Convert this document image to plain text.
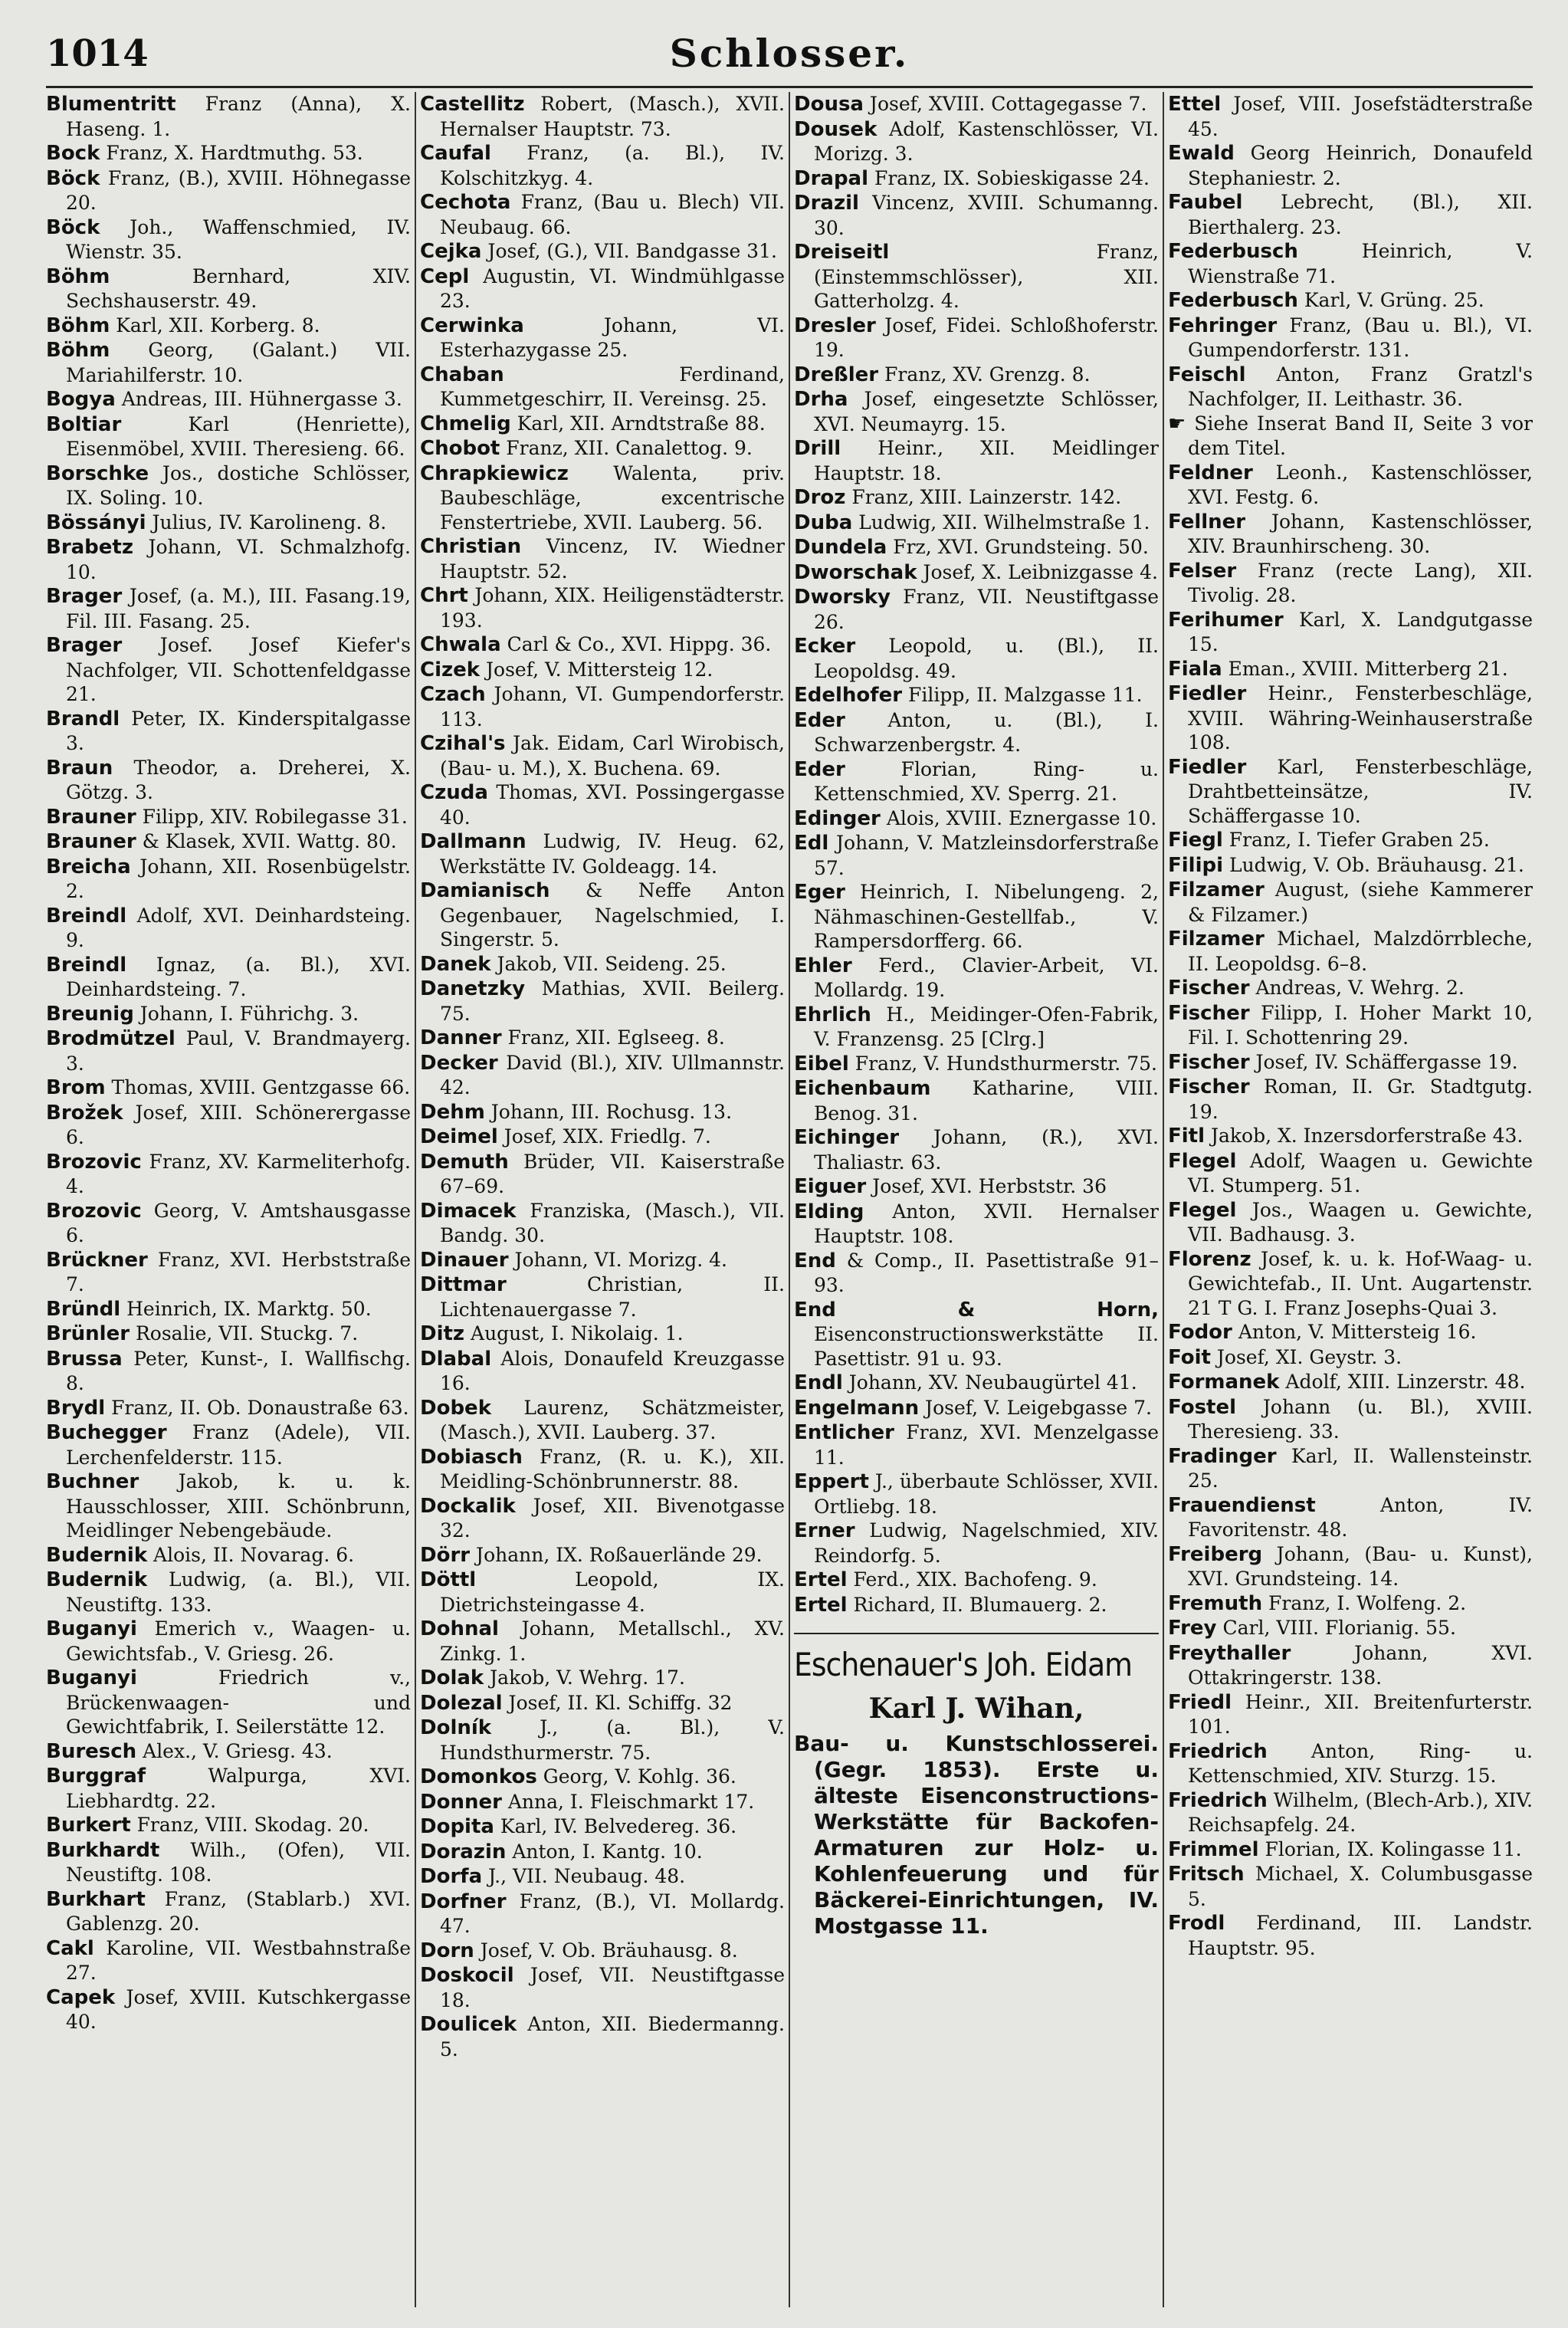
1014	Schlosser.
Blumentritt Franz (Anna), X. Haseng. 1.
Bock Franz, X. Hardtmuthg. 53.
Böck Franz, (B.), XVIII. Höhnegasse 20.
Böck Joh., Waffenschmied, IV. Wienstr. 35.
Böhm Bernhard, XIV. Sechshauserstr. 49.
Böhm Karl, XII. Korberg. 8.
Böhm Georg, (Galant.) VII. Mariahilferstr. 10.
Bogya Andreas, III. Hühnergasse 3.
Boltiar Karl (Henriette), Eisenmöbel, XVIII. Theresieng. 66.
Borschke Jos., dostiche Schlösser, IX. Soling. 10.
Bössányi Julius, IV. Karolineng. 8.
Brabetz Johann, VI. Schmalzhofg. 10.
Brager Josef, (a. M.), III. Fasang.19, Fil. III. Fasang. 25.
Brager Josef. Josef Kiefer's Nachfolger, VII. Schottenfeldgasse 21.
Brandl Peter, IX. Kinderspitalgasse 3.
Braun Theodor, a. Dreherei, X. Götzg. 3.
Brauner Filipp, XIV. Robilegasse 31.
Brauner & Klasek, XVII. Wattg. 80.
Breicha Johann, XII. Rosenbügelstr. 2.
Breindl Adolf, XVI. Deinhardsteing. 9.
Breindl Ignaz, (a. Bl.), XVI. Deinhardsteing. 7.
Breunig Johann, I. Führichg. 3.
Brodmützel Paul, V. Brandmayerg. 3.
Brom Thomas, XVIII. Gentzgasse 66.
Brožek Josef, XIII. Schönerergasse 6.
Brozovic Franz, XV. Karmeliterhofg. 4.
Brozovic Georg, V. Amtshausgasse 6.
Brückner Franz, XVI. Herbststraße 7.
Bründl Heinrich, IX. Marktg. 50.
Brünler Rosalie, VII. Stuckg. 7.
Brussa Peter, Kunst-, I. Wallfischg. 8.
Brydl Franz, II. Ob. Donaustraße 63.
Buchegger Franz (Adele), VII. Lerchenfelderstr. 115.
Buchner Jakob, k. u. k. Hausschlosser, XIII. Schönbrunn, Meidlinger Nebengebäude.
Budernik Alois, II. Novarag. 6.
Budernik Ludwig, (a. Bl.), VII. Neustiftg. 133.
Buganyi Emerich v., Waagen- u. Gewichtsfab., V. Griesg. 26.
Buganyi Friedrich v., Brückenwaagen- und Gewichtfabrik, I. Seilerstätte 12.
Buresch Alex., V. Griesg. 43.
Burggraf Walpurga, XVI. Liebhardtg. 22.
Burkert Franz, VIII. Skodag. 20.
Burkhardt Wilh., (Ofen), VII. Neustiftg. 108.
Burkhart Franz, (Stablarb.) XVI. Gablenzg. 20.
Cakl Karoline, VII. Westbahnstraße 27.
Capek Josef, XVIII. Kutschkergasse 40.
Castellitz Robert, (Masch.), XVII. Hernalser Hauptstr. 73.
Caufal Franz, (a. Bl.), IV. Kolschitzkyg. 4.
Cechota Franz, (Bau u. Blech) VII. Neubaug. 66.
Cejka Josef, (G.), VII. Bandgasse 31.
Cepl Augustin, VI. Windmühlgasse 23.
Cerwinka Johann, VI. Esterhazygasse 25.
Chaban Ferdinand, Kummetgeschirr, II. Vereinsg. 25.
Chmelig Karl, XII. Arndtstraße 88.
Chobot Franz, XII. Canalettog. 9.
Chrapkiewicz Walenta, priv. Baubeschläge, excentrische Fenstertriebe, XVII. Lauberg. 56.
Christian Vincenz, IV. Wiedner Hauptstr. 52.
Chrt Johann, XIX. Heiligenstädterstr. 193.
Chwala Carl & Co., XVI. Hippg. 36.
Cizek Josef, V. Mittersteig 12.
Czach Johann, VI. Gumpendorferstr. 113.
Czihal's Jak. Eidam, Carl Wirobisch, (Bau- u. M.), X. Buchena. 69.
Czuda Thomas, XVI. Possingergasse 40.
Dallmann Ludwig, IV. Heug. 62, Werkstätte IV. Goldeagg. 14.
Damianisch & Neffe Anton Gegenbauer, Nagelschmied, I. Singerstr. 5.
Danek Jakob, VII. Seideng. 25.
Danetzky Mathias, XVII. Beilerg. 75.
Danner Franz, XII. Eglseeg. 8.
Decker David (Bl.), XIV. Ullmannstr. 42.
Dehm Johann, III. Rochusg. 13.
Deimel Josef, XIX. Friedlg. 7.
Demuth Brüder, VII. Kaiserstraße 67–69.
Dimacek Franziska, (Masch.), VII. Bandg. 30.
Dinauer Johann, VI. Morizg. 4.
Dittmar Christian, II. Lichtenauergasse 7.
Ditz August, I. Nikolaig. 1.
Dlabal Alois, Donaufeld Kreuzgasse 16.
Dobek Laurenz, Schätzmeister, (Masch.), XVII. Lauberg. 37.
Dobiasch Franz, (R. u. K.), XII. Meidling-Schönbrunnerstr. 88.
Dockalik Josef, XII. Bivenotgasse 32.
Dörr Johann, IX. Roßauerlände 29.
Döttl Leopold, IX. Dietrichsteingasse 4.
Dohnal Johann, Metallschl., XV. Zinkg. 1.
Dolak Jakob, V. Wehrg. 17.
Dolezal Josef, II. Kl. Schiffg. 32
Dolník J., (a. Bl.), V. Hundsthurmerstr. 75.
Domonkos Georg, V. Kohlg. 36.
Donner Anna, I. Fleischmarkt 17.
Dopita Karl, IV. Belvedereg. 36.
Dorazin Anton, I. Kantg. 10.
Dorfa J., VII. Neubaug. 48.
Dorfner Franz, (B.), VI. Mollardg. 47.
Dorn Josef, V. Ob. Bräuhausg. 8.
Doskocil Josef, VII. Neustiftgasse 18.
Doulicek Anton, XII. Biedermanng. 5.
Dousa Josef, XVIII. Cottagegasse 7.
Dousek Adolf, Kastenschlösser, VI. Morizg. 3.
Drapal Franz, IX. Sobieskigasse 24.
Drazil Vincenz, XVIII. Schumanng. 30.
Dreiseitl Franz, (Einstemmschlösser), XII. Gatterholzg. 4.
Dresler Josef, Fidei. Schloßhoferstr. 19.
Dreßler Franz, XV. Grenzg. 8.
Drha Josef, eingesetzte Schlösser, XVI. Neumayrg. 15.
Drill Heinr., XII. Meidlinger Hauptstr. 18.
Droz Franz, XIII. Lainzerstr. 142.
Duba Ludwig, XII. Wilhelmstraße 1.
Dundela Frz, XVI. Grundsteing. 50.
Dworschak Josef, X. Leibnizgasse 4.
Dworsky Franz, VII. Neustiftgasse 26.
Ecker Leopold, u. (Bl.), II. Leopoldsg. 49.
Edelhofer Filipp, II. Malzgasse 11.
Eder Anton, u. (Bl.), I. Schwarzenbergstr. 4.
Eder Florian, Ring- u. Kettenschmied, XV. Sperrg. 21.
Edinger Alois, XVIII. Eznergasse 10.
Edl Johann, V. Matzleinsdorferstraße 57.
Eger Heinrich, I. Nibelungeng. 2, Nähmaschinen-Gestellfab., V. Rampersdorfferg. 66.
Ehler Ferd., Clavier-Arbeit, VI. Mollardg. 19.
Ehrlich H., Meidinger-Ofen-Fabrik, V. Franzensg. 25 [Clrg.]
Eibel Franz, V. Hundsthurmerstr. 75.
Eichenbaum Katharine, VIII. Benog. 31.
Eichinger Johann, (R.), XVI. Thaliastr. 63.
Eiguer Josef, XVI. Herbststr. 36
Elding Anton, XVII. Hernalser Hauptstr. 108.
End & Comp., II. Pasettistraße 91–93.
End & Horn, Eisenconstructionswerkstätte II. Pasettistr. 91 u. 93.
Endl Johann, XV. Neubaugürtel 41.
Engelmann Josef, V. Leigebgasse 7.
Entlicher Franz, XVI. Menzelgasse 11.
Eppert J., überbaute Schlösser, XVII. Ortliebg. 18.
Erner Ludwig, Nagelschmied, XIV. Reindorfg. 5.
Ertel Ferd., XIX. Bachofeng. 9.
Ertel Richard, II. Blumauerg. 2.
Eschenauer's Joh. Eidam
Karl J. Wihan,
Bau- u. Kunstschlosserei. (Gegr. 1853). Erste u. älteste Eisenconstructions-Werkstätte für Backofen-Armaturen zur Holz- u. Kohlenfeuerung und für Bäckerei-Einrichtungen, IV. Mostgasse 11.
Ettel Josef, VIII. Josefstädterstraße 45.
Ewald Georg Heinrich, Donaufeld Stephaniestr. 2.
Faubel Lebrecht, (Bl.), XII. Bierthalerg. 23.
Federbusch Heinrich, V. Wienstraße 71.
Federbusch Karl, V. Grüng. 25.
Fehringer Franz, (Bau u. Bl.), VI. Gumpendorferstr. 131.
Feischl Anton, Franz Gratzl's Nachfolger, II. Leithastr. 36.
☛ Siehe Inserat Band II, Seite 3 vor dem Titel.
Feldner Leonh., Kastenschlösser, XVI. Festg. 6.
Fellner Johann, Kastenschlösser, XIV. Braunhirscheng. 30.
Felser Franz (recte Lang), XII. Tivolig. 28.
Ferihumer Karl, X. Landgutgasse 15.
Fiala Eman., XVIII. Mitterberg 21.
Fiedler Heinr., Fensterbeschläge, XVIII. Währing-Weinhauserstraße 108.
Fiedler Karl, Fensterbeschläge, Drahtbetteinsätze, IV. Schäffergasse 10.
Fiegl Franz, I. Tiefer Graben 25.
Filipi Ludwig, V. Ob. Bräuhausg. 21.
Filzamer August, (siehe Kammerer & Filzamer.)
Filzamer Michael, Malzdörrbleche, II. Leopoldsg. 6–8.
Fischer Andreas, V. Wehrg. 2.
Fischer Filipp, I. Hoher Markt 10, Fil. I. Schottenring 29.
Fischer Josef, IV. Schäffergasse 19.
Fischer Roman, II. Gr. Stadtgutg. 19.
Fitl Jakob, X. Inzersdorferstraße 43.
Flegel Adolf, Waagen u. Gewichte VI. Stumperg. 51.
Flegel Jos., Waagen u. Gewichte, VII. Badhausg. 3.
Florenz Josef, k. u. k. Hof-Waag- u. Gewichtefab., II. Unt. Augartenstr. 21 T G. I. Franz Josephs-Quai 3.
Fodor Anton, V. Mittersteig 16.
Foit Josef, XI. Geystr. 3.
Formanek Adolf, XIII. Linzerstr. 48.
Fostel Johann (u. Bl.), XVIII. Theresieng. 33.
Fradinger Karl, II. Wallensteinstr. 25.
Frauendienst Anton, IV. Favoritenstr. 48.
Freiberg Johann, (Bau- u. Kunst), XVI. Grundsteing. 14.
Fremuth Franz, I. Wolfeng. 2.
Frey Carl, VIII. Florianig. 55.
Freythaller Johann, XVI. Ottakringerstr. 138.
Friedl Heinr., XII. Breitenfurterstr. 101.
Friedrich Anton, Ring- u. Kettenschmied, XIV. Sturzg. 15.
Friedrich Wilhelm, (Blech-Arb.), XIV. Reichsapfelg. 24.
Frimmel Florian, IX. Kolingasse 11.
Fritsch Michael, X. Columbusgasse 5.
Frodl Ferdinand, III. Landstr. Hauptstr. 95.
